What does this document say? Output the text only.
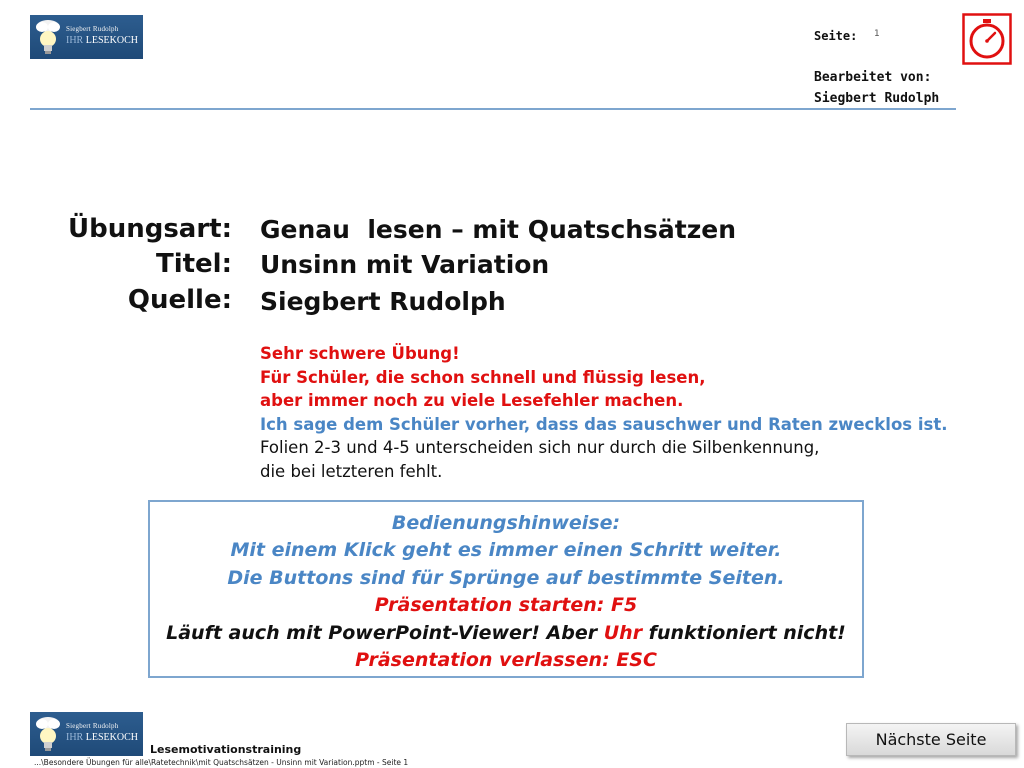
Siegbert Rudolph
IHR LESEKOCH	Seite: 1
Bearbeitet von:
Siegbert Rudolph
Übungsart: Genau  lesen – mit Quatschsätzen
Titel: Unsinn mit Variation
Quelle: Siegbert Rudolph
Sehr schwere Übung!
Für Schüler, die schon schnell und flüssig lesen,
aber immer noch zu viele Lesefehler machen.
Ich sage dem Schüler vorher, dass das sauschwer und Raten zwecklos ist.
Folien 2-3 und 4-5 unterscheiden sich nur durch die Silbenkennung,
die bei letzteren fehlt.
Bedienungshinweise:
Mit einem Klick geht es immer einen Schritt weiter.
Die Buttons sind für Sprünge auf bestimmte Seiten.
Präsentation starten: F5
Läuft auch mit PowerPoint-Viewer! Aber Uhr funktioniert nicht!
Präsentation verlassen: ESC
Siegbert Rudolph
IHR LESEKOCH
Lesemotivationstraining
...\Besondere Übungen für alle\Ratetechnik\mit Quatschsätzen - Unsinn mit Variation.pptm - Seite 1
Nächste Seite
